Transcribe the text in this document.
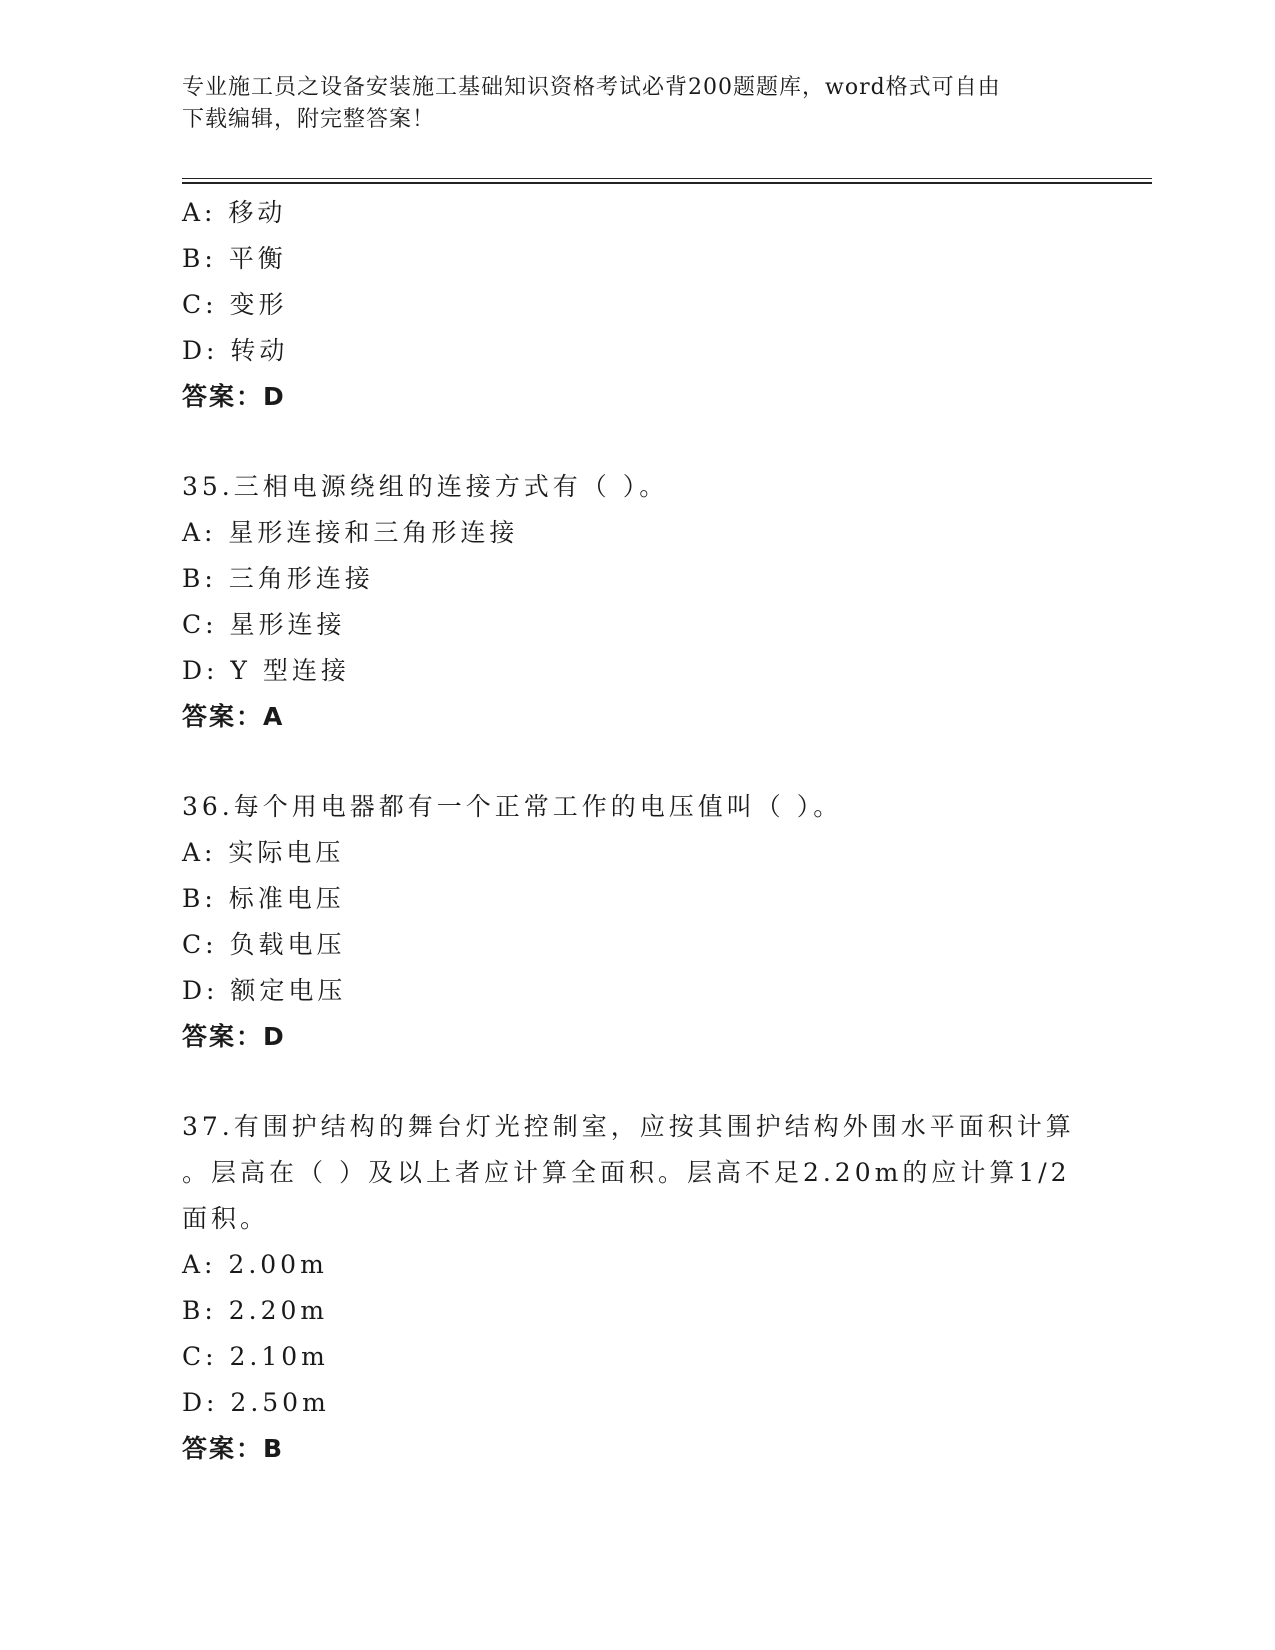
专业施工员之设备安装施工基础知识资格考试必背200题题库，word格式可自由
下载编辑，附完整答案！
A: 移动
B: 平衡
C: 变形
D: 转动
答案：D
35.三相电源绕组的连接方式有（ ）。
A: 星形连接和三角形连接
B: 三角形连接
C: 星形连接
D: Y 型连接
答案：A
36.每个用电器都有一个正常工作的电压值叫（ ）。
A: 实际电压
B: 标准电压
C: 负载电压
D: 额定电压
答案：D
37.有围护结构的舞台灯光控制室，应按其围护结构外围水平面积计算
。层高在（ ）及以上者应计算全面积。层高不足2.20m的应计算1/2
面积。
A: 2.00m
B: 2.20m
C: 2.10m
D: 2.50m
答案：B
